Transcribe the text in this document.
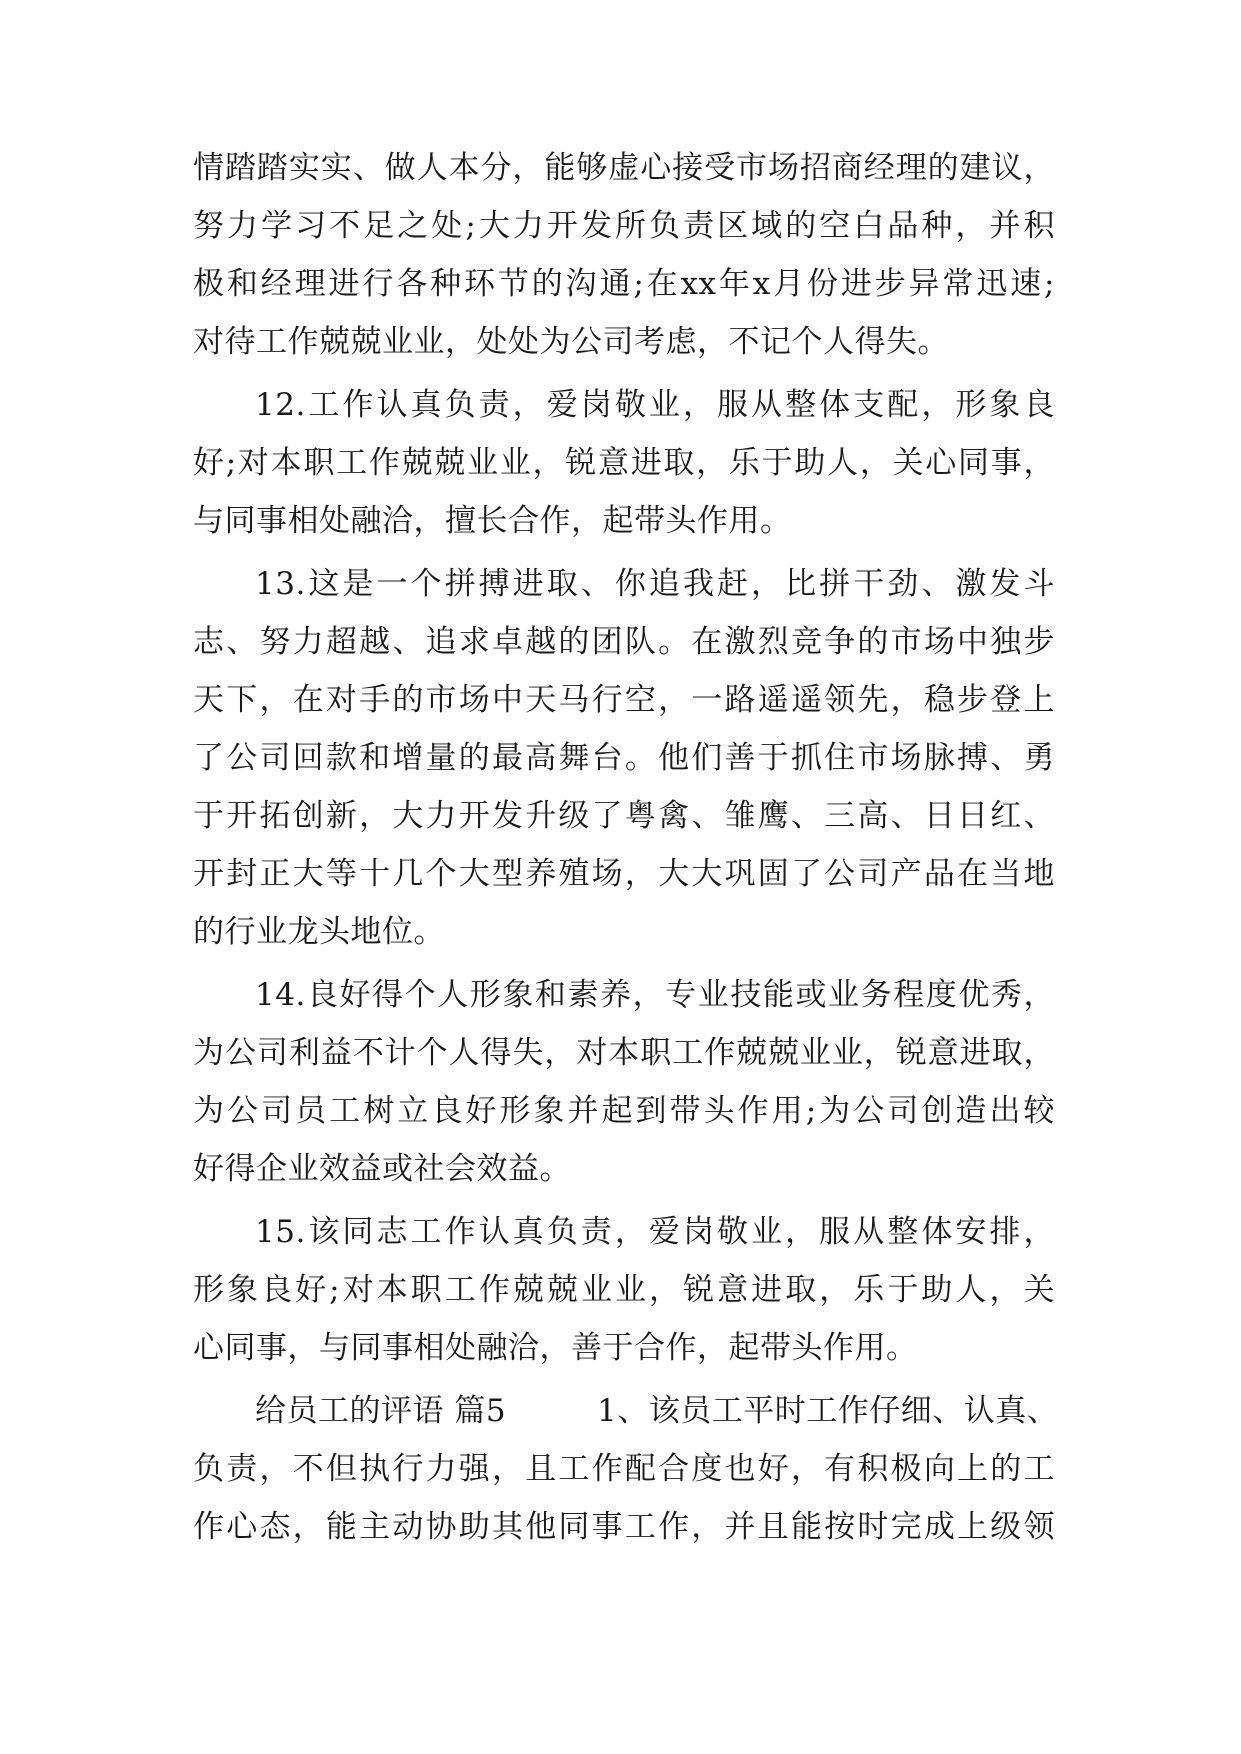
情踏踏实实、做人本分，能够虚心接受市场招商经理的建议，
努力学习不足之处;大力开发所负责区域的空白品种，并积
极和经理进行各种环节的沟通;在xx年x月份进步异常迅速;
对待工作兢兢业业，处处为公司考虑，不记个人得失。
12.工作认真负责，爱岗敬业，服从整体支配，形象良
好;对本职工作兢兢业业，锐意进取，乐于助人，关心同事，
与同事相处融洽，擅长合作，起带头作用。
13.这是一个拼搏进取、你追我赶，比拼干劲、激发斗
志、努力超越、追求卓越的团队。在激烈竞争的市场中独步
天下，在对手的市场中天马行空，一路遥遥领先，稳步登上
了公司回款和增量的最高舞台。他们善于抓住市场脉搏、勇
于开拓创新，大力开发升级了粤禽、雏鹰、三高、日日红、
开封正大等十几个大型养殖场，大大巩固了公司产品在当地
的行业龙头地位。
14.良好得个人形象和素养，专业技能或业务程度优秀，
为公司利益不计个人得失，对本职工作兢兢业业，锐意进取，
为公司员工树立良好形象并起到带头作用;为公司创造出较
好得企业效益或社会效益。
15.该同志工作认真负责，爱岗敬业，服从整体安排，
形象良好;对本职工作兢兢业业，锐意进取，乐于助人，关
心同事，与同事相处融洽，善于合作，起带头作用。
给员工的评语 篇5	1、该员工平时工作仔细、认真、
负责，不但执行力强，且工作配合度也好，有积极向上的工
作心态，能主动协助其他同事工作，并且能按时完成上级领
